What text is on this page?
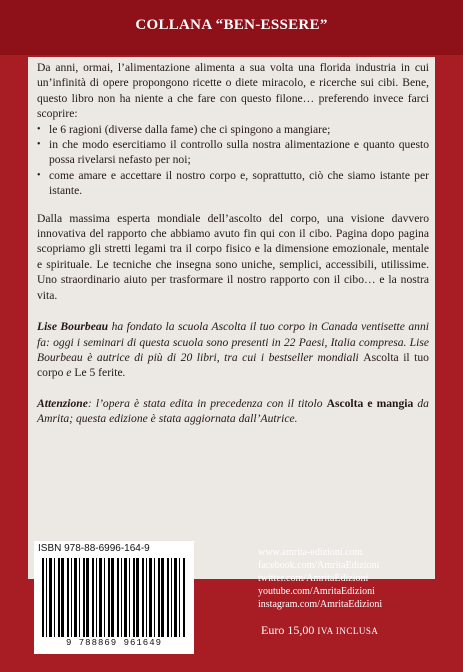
COLLANA “BEN-ESSERE”

Da anni, ormai, l’alimentazione alimenta a sua volta una florida industria in cui un’infinità di opere propongono ricette o diete miracolo, e ricerche sui cibi. Bene, questo libro non ha niente a che fare con questo filone… preferendo invece farci scoprire:

• le 6 ragioni (diverse dalla fame) che ci spingono a mangiare;
• in che modo esercitiamo il controllo sulla nostra alimentazione e quanto questo possa rivelarsi nefasto per noi;
• come amare e accettare il nostro corpo e, soprattutto, ciò che siamo istante per istante.

Dalla massima esperta mondiale dell’ascolto del corpo, una visione davvero innovativa del rapporto che abbiamo avuto fin qui con il cibo. Pagina dopo pagina scopriamo gli stretti legami tra il corpo fisico e la dimensione emozionale, mentale e spirituale. Le tecniche che insegna sono uniche, semplici, accessibili, utilissime. Uno straordinario aiuto per trasformare il nostro rapporto con il cibo… e la nostra vita.

Lise Bourbeau ha fondato la scuola Ascolta il tuo corpo in Canada ventisette anni fa: oggi i seminari di questa scuola sono presenti in 22 Paesi, Italia compresa. Lise Bourbeau è autrice di più di 20 libri, tra cui i bestseller mondiali Ascolta il tuo corpo e Le 5 ferite.

Attenzione: l’opera è stata edita in precedenza con il titolo Ascolta e mangia da Amrita; questa edizione è stata aggiornata dall’Autrice.

ISBN 978-88-6996-164-9
9 788869 961649
www.amrita-edizioni.com
facebook.com/AmritaEdizioni
twitter.com/AmritaEdizioni
youtube.com/AmritaEdizioni
instagram.com/AmritaEdizioni
Euro 15,00 IVA INCLUSA
